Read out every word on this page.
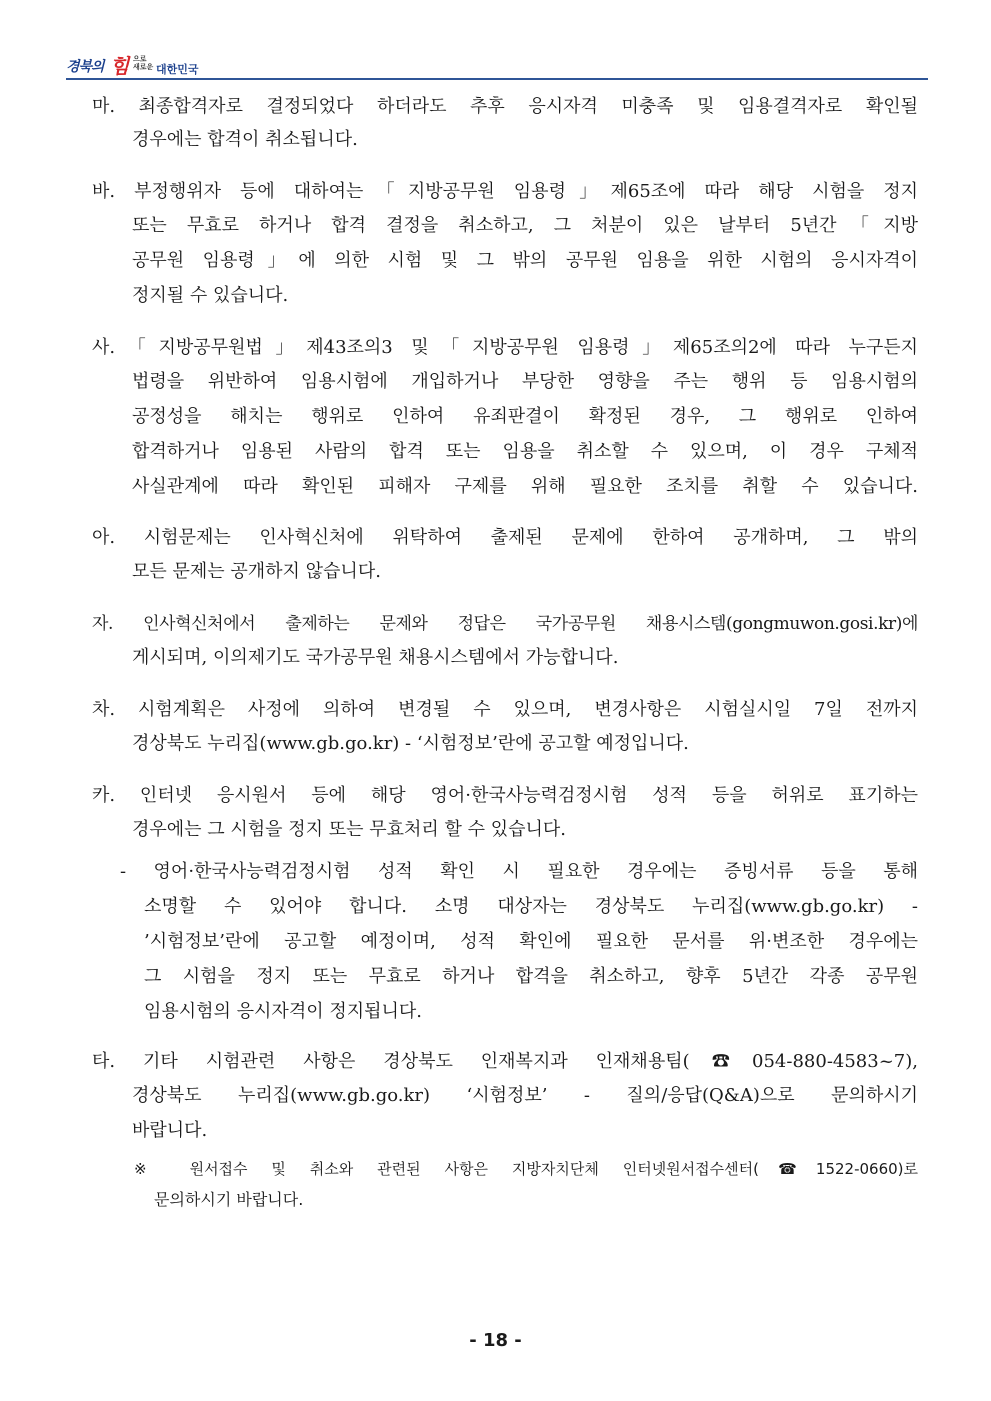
경북의 힘 으로
새로운 대한민국
마. 최종합격자로 결정되었다 하더라도 추후 응시자격 미충족 및 임용결격자로 확인될
경우에는 합격이 취소됩니다.
바. 부정행위자 등에 대하여는「지방공무원 임용령」제65조에 따라 해당 시험을 정지
또는 무효로 하거나 합격 결정을 취소하고, 그 처분이 있은 날부터 5년간「지방
공무원 임용령」에 의한 시험 및 그 밖의 공무원 임용을 위한 시험의 응시자격이
정지될 수 있습니다.
사.「지방공무원법」제43조의3 및「지방공무원 임용령」제65조의2에 따라 누구든지
법령을 위반하여 임용시험에 개입하거나 부당한 영향을 주는 행위 등 임용시험의
공정성을 해치는 행위로 인하여 유죄판결이 확정된 경우, 그 행위로 인하여
합격하거나 임용된 사람의 합격 또는 임용을 취소할 수 있으며, 이 경우 구체적
사실관계에 따라 확인된 피해자 구제를 위해 필요한 조치를 취할 수 있습니다.
아. 시험문제는 인사혁신처에 위탁하여 출제된 문제에 한하여 공개하며, 그 밖의
모든 문제는 공개하지 않습니다.
자. 인사혁신처에서 출제하는 문제와 정답은 국가공무원 채용시스템(gongmuwon.gosi.kr)에
게시되며, 이의제기도 국가공무원 채용시스템에서 가능합니다.
차. 시험계획은 사정에 의하여 변경될 수 있으며, 변경사항은 시험실시일 7일 전까지
경상북도 누리집(www.gb.go.kr) - ‘시험정보’란에 공고할 예정입니다.
카. 인터넷 응시원서 등에 해당 영어·한국사능력검정시험 성적 등을 허위로 표기하는
경우에는 그 시험을 정지 또는 무효처리 할 수 있습니다.
- 영어·한국사능력검정시험 성적 확인 시 필요한 경우에는 증빙서류 등을 통해
소명할 수 있어야 합니다. 소명 대상자는 경상북도 누리집(www.gb.go.kr) -
’시험정보’란에 공고할 예정이며, 성적 확인에 필요한 문서를 위·변조한 경우에는
그 시험을 정지 또는 무효로 하거나 합격을 취소하고, 향후 5년간 각종 공무원
임용시험의 응시자격이 정지됩니다.
타. 기타 시험관련 사항은 경상북도 인재복지과 인재채용팀(☎054-880-4583~7),
경상북도 누리집(www.gb.go.kr) ‘시험정보’ - 질의/응답(Q&A)으로 문의하시기
바랍니다.
※ 원서접수 및 취소와 관련된 사항은 지방자치단체 인터넷원서접수센터(☎1522-0660)로
문의하시기 바랍니다.
- 18 -
